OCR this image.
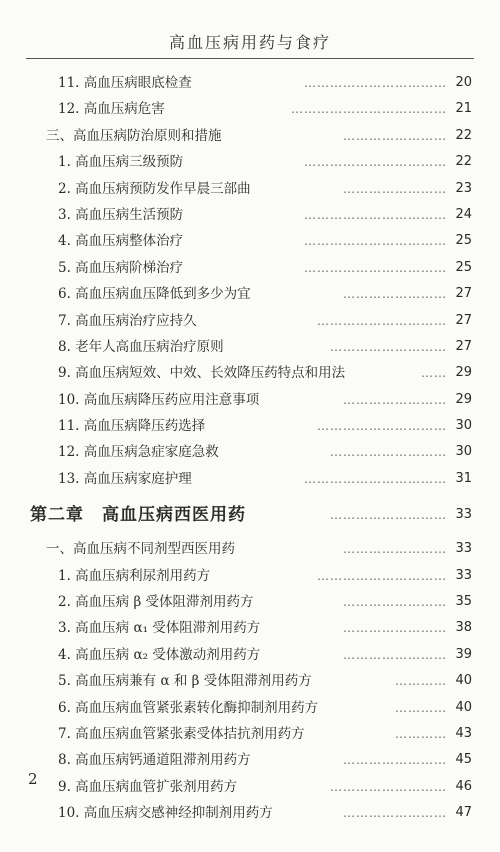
高血压病用药与食疗
11. 高血压病眼底检查	…………………………… 20
12. 高血压病危害	……………………………… 21
三、高血压病防治原则和措施	…………………… 22
1. 高血压病三级预防	…………………………… 22
2. 高血压病预防发作早晨三部曲	…………………… 23
3. 高血压病生活预防	…………………………… 24
4. 高血压病整体治疗	…………………………… 25
5. 高血压病阶梯治疗	…………………………… 25
6. 高血压病血压降低到多少为宜	…………………… 27
7. 高血压病治疗应持久	………………………… 27
8. 老年人高血压病治疗原则	……………………… 27
9. 高血压病短效、中效、长效降压药特点和用法	…… 29
10. 高血压病降压药应用注意事项	…………………… 29
11. 高血压病降压药选择	………………………… 30
12. 高血压病急症家庭急救	……………………… 30
13. 高血压病家庭护理	…………………………… 31
第二章　高血压病西医用药	……………………… 33
一、高血压病不同剂型西医用药	…………………… 33
1. 高血压病利尿剂用药方	………………………… 33
2. 高血压病 β 受体阻滞剂用药方	…………………… 35
3. 高血压病 α₁ 受体阻滞剂用药方	…………………… 38
4. 高血压病 α₂ 受体激动剂用药方	…………………… 39
5. 高血压病兼有 α 和 β 受体阻滞剂用药方	………… 40
6. 高血压病血管紧张素转化酶抑制剂用药方	………… 40
7. 高血压病血管紧张素受体拮抗剂用药方	………… 43
8. 高血压病钙通道阻滞剂用药方	…………………… 45
9. 高血压病血管扩张剂用药方	……………………… 46
10. 高血压病交感神经抑制剂用药方	…………………… 47
2
